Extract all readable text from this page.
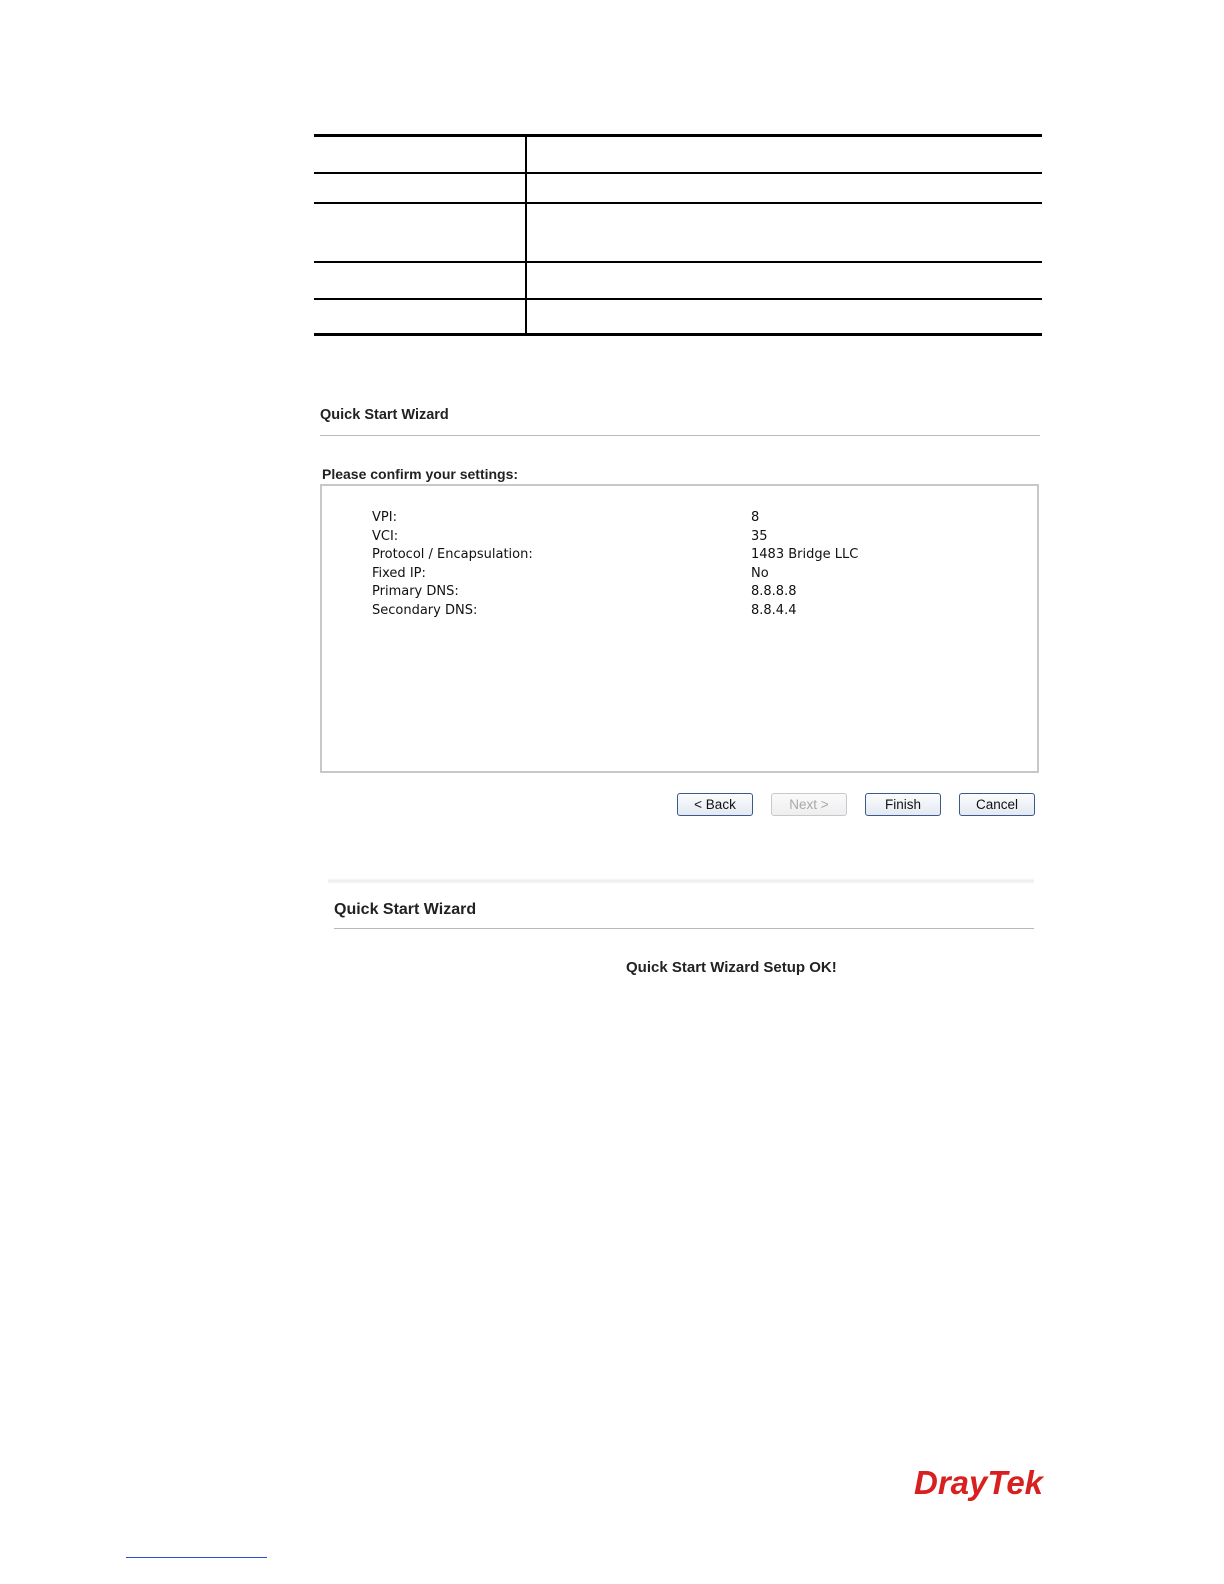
Quick Start Wizard
Please confirm your settings:
VPI:	8
VCI:	35
Protocol / Encapsulation:	1483 Bridge LLC
Fixed IP:	No
Primary DNS:	8.8.8.8
Secondary DNS:	8.8.4.4
< Back	Next >	Finish	Cancel
Quick Start Wizard
Quick Start Wizard Setup OK!
DrayTek
